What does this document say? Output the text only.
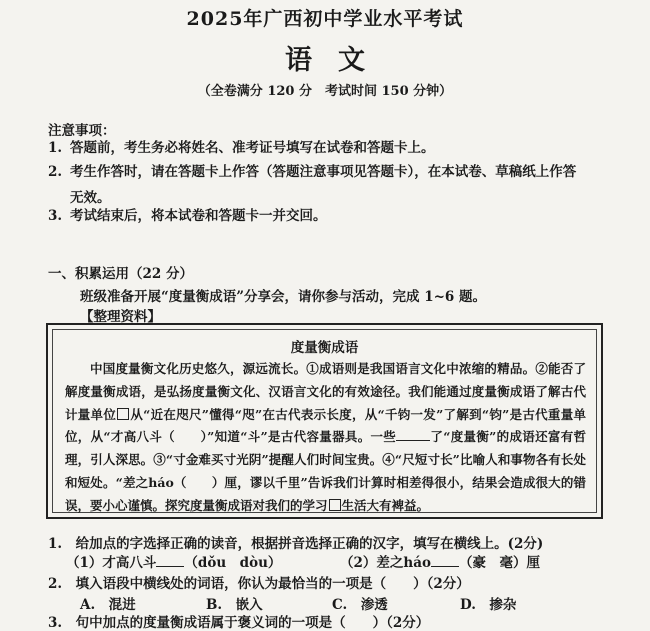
2025年广西初中学业水平考试
语文
（全卷满分 120 分　考试时间 150 分钟）
注意事项：
1. 答题前，考生务必将姓名、准考证号填写在试卷和答题卡上。
2. 考生作答时，请在答题卡上作答（答题注意事项见答题卡），在本试卷、草稿纸上作答
无效。
3. 考试结束后，将本试卷和答题卡一并交回。
一、积累运用（22 分）
班级准备开展“度量衡成语”分享会，请你参与活动，完成 1~6 题。
【整理资料】
度量衡成语
中国度量衡文化历史悠久，源远流长。①成语则是我国语言文化中浓缩的精品。②能否了解度量衡成语，是弘扬度量衡文化、汉语言文化的有效途径。我们能通过度量衡成语了解古代计量单位 从“近在咫尺”懂得“咫”在古代表示长度，从“千钧一发”了解到“钧”是古代重量单位，从“才高八斗（　　）”知道“斗”是古代容量器具。一些	了“度量衡”的成语还富有哲理，引人深思。③“寸金难买寸光阴”提醒人们时间宝贵。④“尺短寸长”比喻人和事物各有长处和短处。“差之háo（　　）厘，谬以千里”告诉我们计算时相差得很小，结果会造成很大的错误，要小心谨慎。探究度量衡成语对我们的学习 生活大有裨益。
1.　给加点的字选择正确的读音，根据拼音选择正确的汉字，填写在横线上。(2分)
（1）才高八斗 （dǒu　dòu）	（2）差之háo （豪　毫）厘
2.　填入语段中横线处的词语，你认为最恰当的一项是（　　）（2分）
A.　混进	B.　嵌入	C.　渗透	D.　掺杂
3.　句中加点的度量衡成语属于褒义词的一项是（　　）（2分）
